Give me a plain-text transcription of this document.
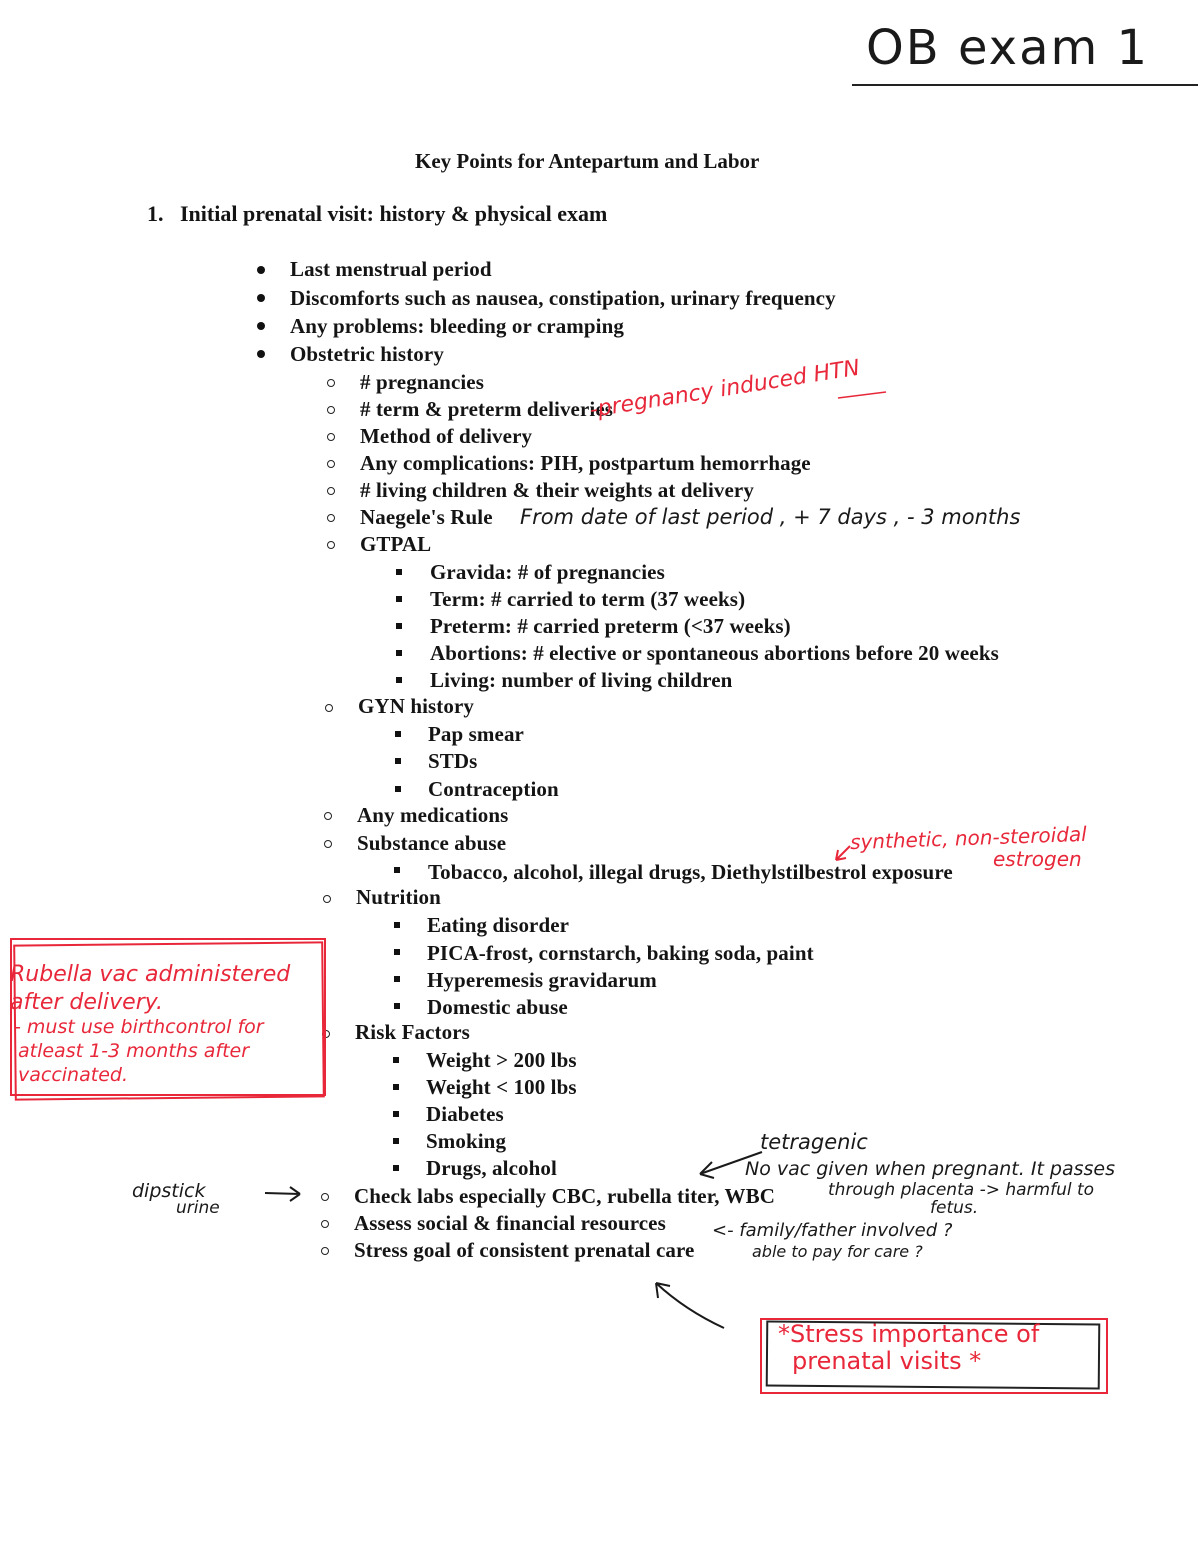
OB exam 1
Key Points for Antepartum and Labor
1. Initial prenatal visit: history & physical exam
Last menstrual period
Discomforts such as nausea, constipation, urinary frequency
Any problems: bleeding or cramping
Obstetric history
# pregnancies
# term & preterm deliveries
Method of delivery
Any complications: PIH, postpartum hemorrhage
# living children & their weights at delivery
Naegele's Rule
GTPAL
Gravida: # of pregnancies
Term: # carried to term (37 weeks)
Preterm: # carried preterm (<37 weeks)
Abortions: # elective or spontaneous abortions before 20 weeks
Living: number of living children
GYN history
Pap smear
STDs
Contraception
Any medications
Substance abuse
Tobacco, alcohol, illegal drugs, Diethylstilbestrol exposure
Nutrition
Eating disorder
PICA-frost, cornstarch, baking soda, paint
Hyperemesis gravidarum
Domestic abuse
Risk Factors
Weight > 200 lbs
Weight < 100 lbs
Diabetes
Smoking
Drugs, alcohol
Check labs especially CBC, rubella titer, WBC
Assess social & financial resources
Stress goal of consistent prenatal care
-pregnancy induced HTN
From date of last period , + 7 days , - 3 months
synthetic, non-steroidal
estrogen
Rubella vac administered
after delivery.
- must use birthcontrol for
atleast 1-3 months after
vaccinated.
tetragenic
No vac given when pregnant. It passes
through placenta -> harmful to
fetus.
dipstick
urine
<- family/father involved ?
able to pay for care ?
*Stress importance of
prenatal visits *
